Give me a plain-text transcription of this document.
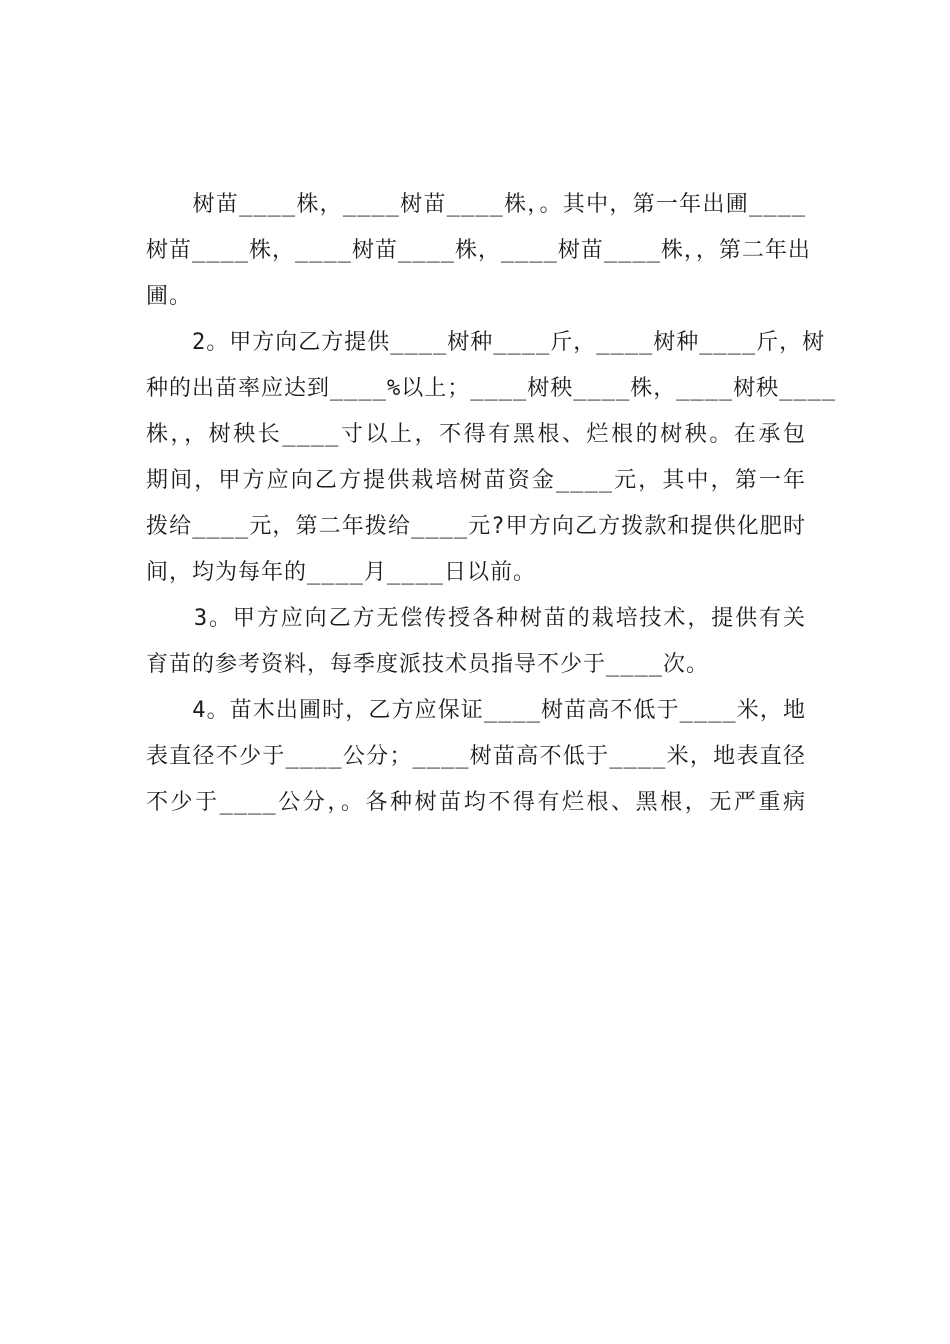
　　树苗____株，____树苗____株，。其中，第一年出圃____
树苗____株，____树苗____株，____树苗____株，，第二年出
圃。
　　2。甲方向乙方提供____树种____斤，____树种____斤，树
种的出苗率应达到____%以上；____树秧____株，____树秧____
株，，树秧长____寸以上，不得有黑根、烂根的树秧。在承包
期间，甲方应向乙方提供栽培树苗资金____元，其中，第一年
拨给____元，第二年拨给____元?甲方向乙方拨款和提供化肥时
间，均为每年的____月____日以前。
　　3。甲方应向乙方无偿传授各种树苗的栽培技术，提供有关
育苗的参考资料，每季度派技术员指导不少于____次。
　　4。苗木出圃时，乙方应保证____树苗高不低于____米，地
表直径不少于____公分；____树苗高不低于____米，地表直径
不少于____公分，。各种树苗均不得有烂根、黑根，无严重病
